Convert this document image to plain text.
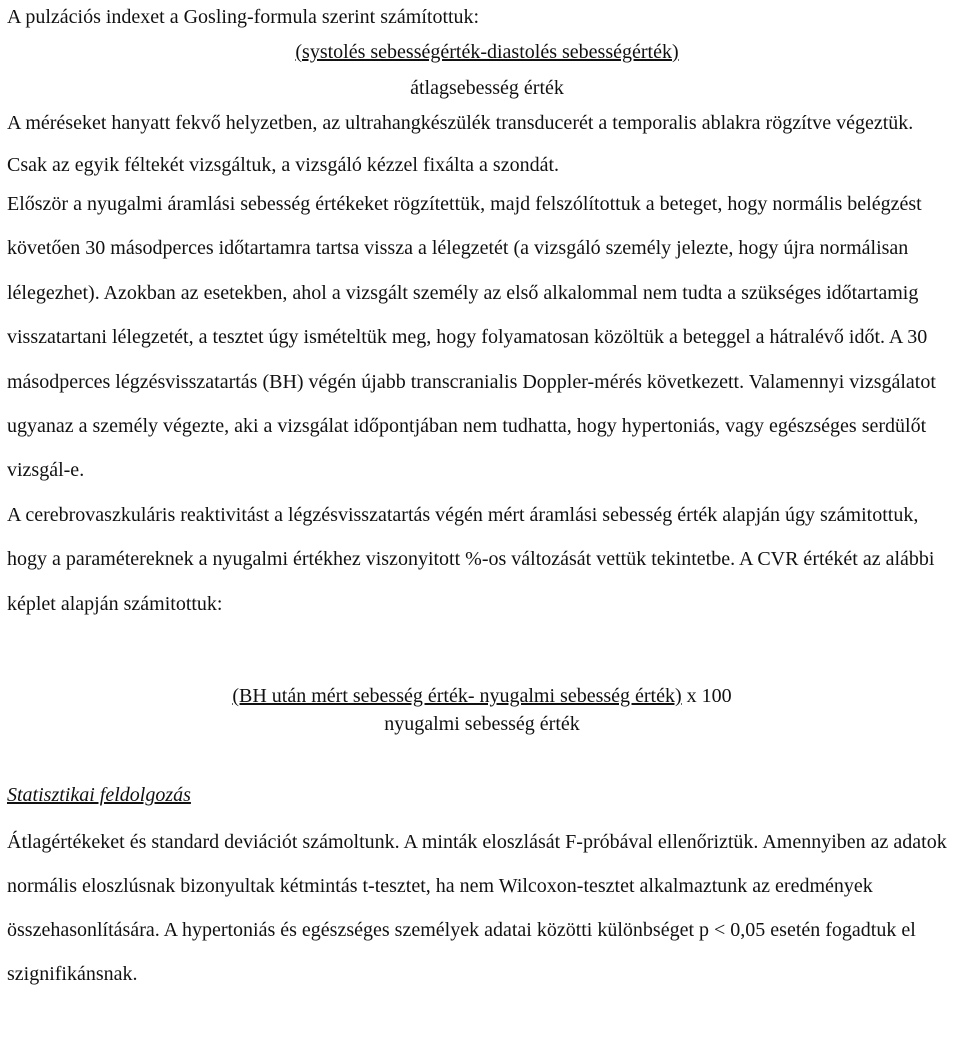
A pulzációs indexet a Gosling-formula szerint számítottuk:
(systolés sebességérték-diastolés sebességérték)
átlagsebesség érték

A méréseket hanyatt fekvő helyzetben, az ultrahangkészülék transducerét a temporalis ablakra rögzítve végeztük. Csak az egyik féltekét vizsgáltuk, a vizsgáló kézzel fixálta a szondát.

Először a nyugalmi áramlási sebesség értékeket rögzítettük, majd felszólítottuk a beteget, hogy normális belégzést követően 30 másodperces időtartamra tartsa vissza a lélegzetét (a vizsgáló személy jelezte, hogy újra normálisan lélegezhet). Azokban az esetekben, ahol a vizsgált személy az első alkalommal nem tudta a szükséges időtartamig visszatartani lélegzetét, a tesztet úgy ismételtük meg, hogy folyamatosan közöltük a beteggel a hátralévő időt. A 30 másodperces légzésvisszatartás (BH) végén újabb transcranialis Doppler-mérés következett. Valamennyi vizsgálatot ugyanaz a személy végezte, aki a vizsgálat időpontjában nem tudhatta, hogy hypertoniás, vagy egészséges serdülőt vizsgál-e.

A cerebrovaszkuláris reaktivitást a légzésvisszatartás végén mért áramlási sebesség érték alapján úgy számitottuk, hogy a paramétereknek a nyugalmi értékhez viszonyitott %-os változását vettük tekintetbe. A CVR értékét az alábbi képlet alapján számitottuk:

(BH után mért sebesség érték- nyugalmi sebesség érték) x 100
nyugalmi sebesség érték
Statisztikai feldolgozás

Átlagértékeket és standard deviációt számoltunk. A minták eloszlását F-próbával ellenőriztük. Amennyiben az adatok normális eloszlúsnak bizonyultak kétmintás t-tesztet, ha nem Wilcoxon-tesztet alkalmaztunk az eredmények összehasonlítására. A hypertoniás és egészséges személyek adatai közötti különbséget p < 0,05 esetén fogadtuk el szignifikánsnak.
